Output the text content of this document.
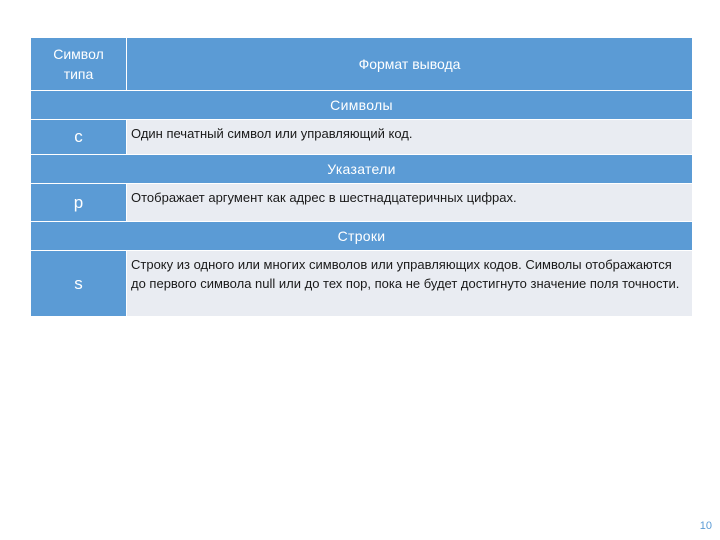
Символ
типа	Формат вывода
Символы	
c	Один печатный символ или управляющий код.
Указатели	
p	Отображает аргумент как адрес в шестнадцатеричных цифрах.
Строки	
s	Строку из одного или многих символов или управляющих кодов. Символы отображаются до первого символа null или до тех пор, пока не будет достигнуто значение поля точности.
10
